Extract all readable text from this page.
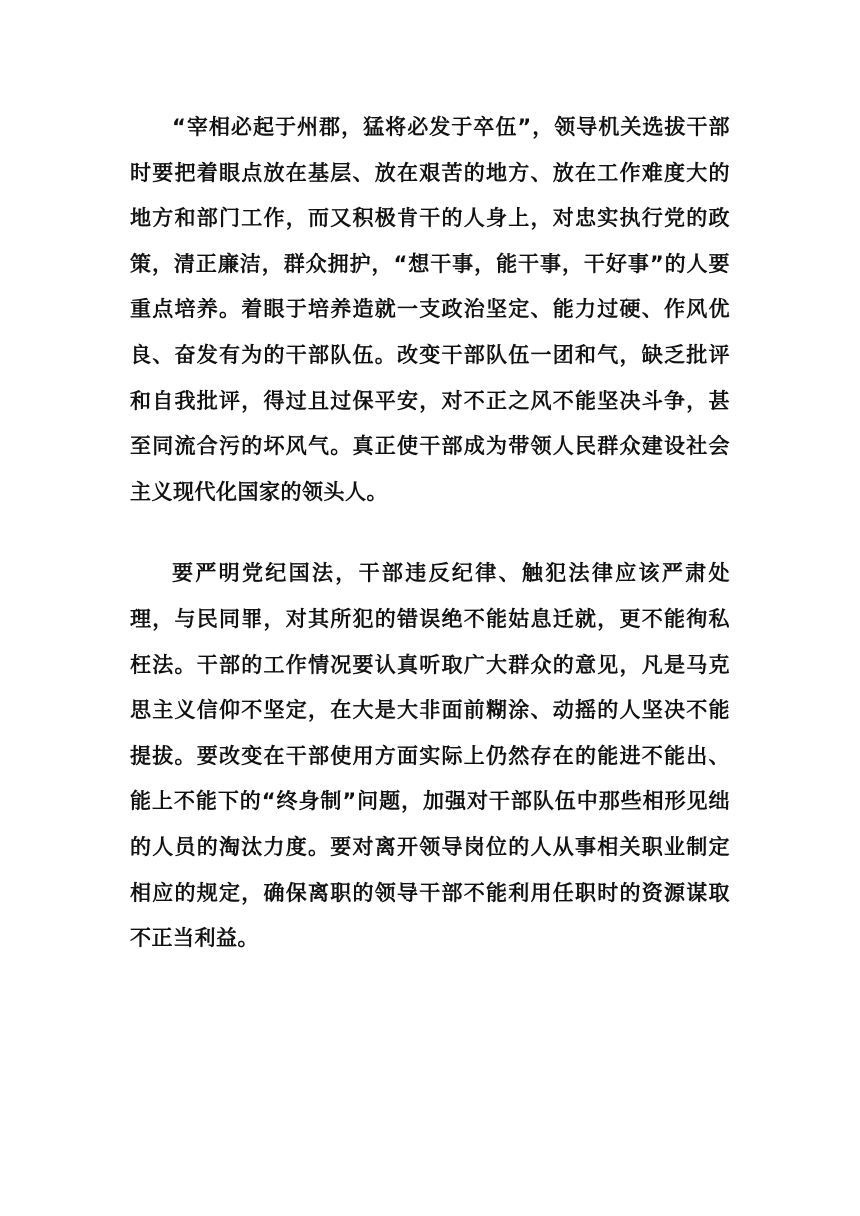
“宰相必起于州郡，猛将必发于卒伍”，领导机关选拔干部时要把着眼点放在基层、放在艰苦的地方、放在工作难度大的地方和部门工作，而又积极肯干的人身上，对忠实执行党的政策，清正廉洁，群众拥护，“想干事，能干事，干好事”的人要重点培养。着眼于培养造就一支政治坚定、能力过硬、作风优良、奋发有为的干部队伍。改变干部队伍一团和气，缺乏批评和自我批评，得过且过保平安，对不正之风不能坚决斗争，甚至同流合污的坏风气。真正使干部成为带领人民群众建设社会主义现代化国家的领头人。

要严明党纪国法，干部违反纪律、触犯法律应该严肃处理，与民同罪，对其所犯的错误绝不能姑息迁就，更不能徇私枉法。干部的工作情况要认真听取广大群众的意见，凡是马克思主义信仰不坚定，在大是大非面前糊涂、动摇的人坚决不能提拔。要改变在干部使用方面实际上仍然存在的能进不能出、能上不能下的“终身制”问题，加强对干部队伍中那些相形见绌的人员的淘汰力度。要对离开领导岗位的人从事相关职业制定相应的规定，确保离职的领导干部不能利用任职时的资源谋取不正当利益。
